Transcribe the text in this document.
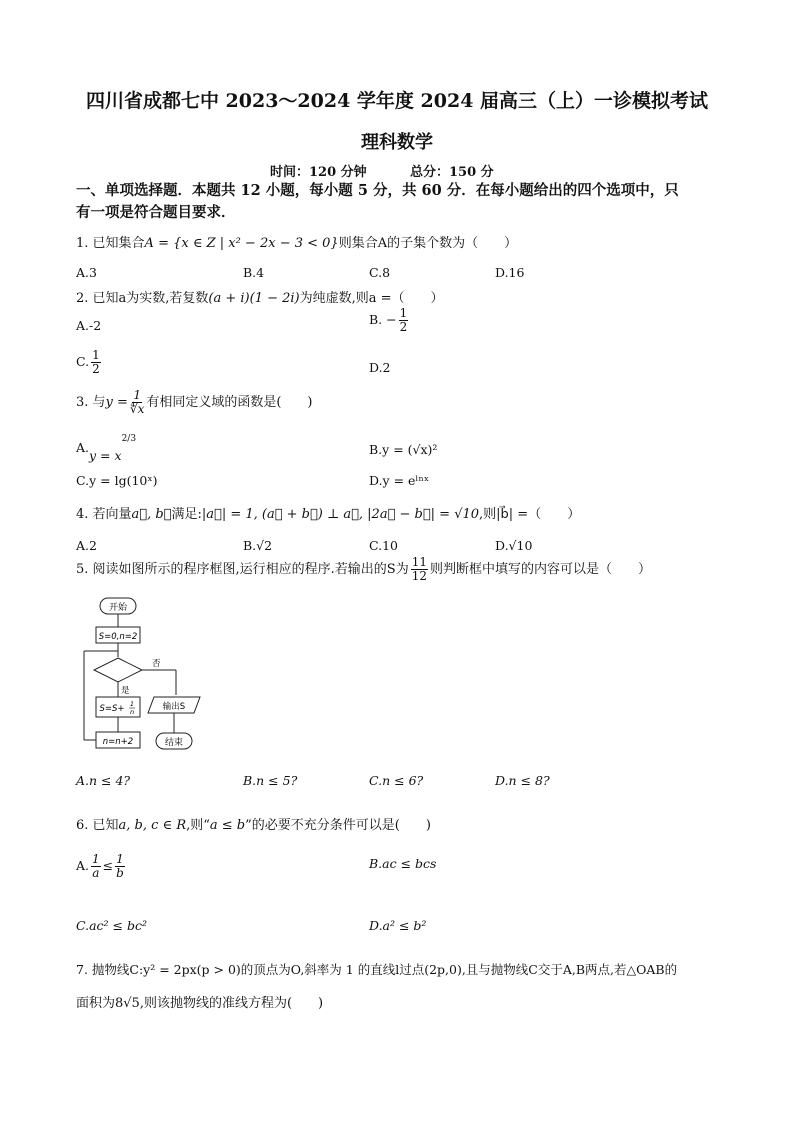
四川省成都七中 2023～2024 学年度 2024 届高三（上）一诊模拟考试
理科数学
时间：120 分钟	总分：150 分
一、单项选择题．本题共 12 小题，每小题 5 分，共 60 分．在每小题给出的四个选项中，只
有一项是符合题目要求．
1. 已知集合A = {x ∈ Z | x² − 2x − 3 < 0}则集合A的子集个数为（　　）
A.3	B.4	C.8	D.16
2. 已知a为实数,若复数(a + i)(1 − 2i)为纯虚数,则a =（　　）
A.-2	B. − $\frac{1}{2}$
C. $\frac{1}{2}$	D.2
3. 与$y = \frac{1}{∜x}$ 有相同定义域的函数是(　　)
$A.y = x^{2/3}$
B.y = (√x)²
C.y = lg(10ˣ)	D.y = eˡⁿˣ
4. 若向量a⃗, b⃗满足:|a⃗| = 1, (a⃗ + b⃗) ⊥ a⃗, |2a⃗ − b⃗| = √10,则|b⃗| =（　　）
A.2	B.√2	C.10	D.√10
5. 阅读如图所示的程序框图,运行相应的程序.若输出的S为 $\frac{11}{12}$ 则判断框中填写的内容可以是（　　）
开始
S=0,n=2
否
是
S=S+ 1
n	输出S
n=n+2	结束
A.n ≤ 4?	B.n ≤ 5?	C.n ≤ 6?	D.n ≤ 8?
6. 已知a, b, c ∈ R,则“a ≤ b”的必要不充分条件可以是(　　)
A. $\frac{1}{a} \le \frac{1}{b}$	B.ac ≤ bcs
C.ac² ≤ bc²	D.a² ≤ b²
7. 抛物线C:y² = 2px(p > 0)的顶点为O,斜率为 1 的直线l过点(2p,0),且与抛物线C交于A,B两点,若△OAB的
面积为8√5,则该抛物线的准线方程为(　　)
